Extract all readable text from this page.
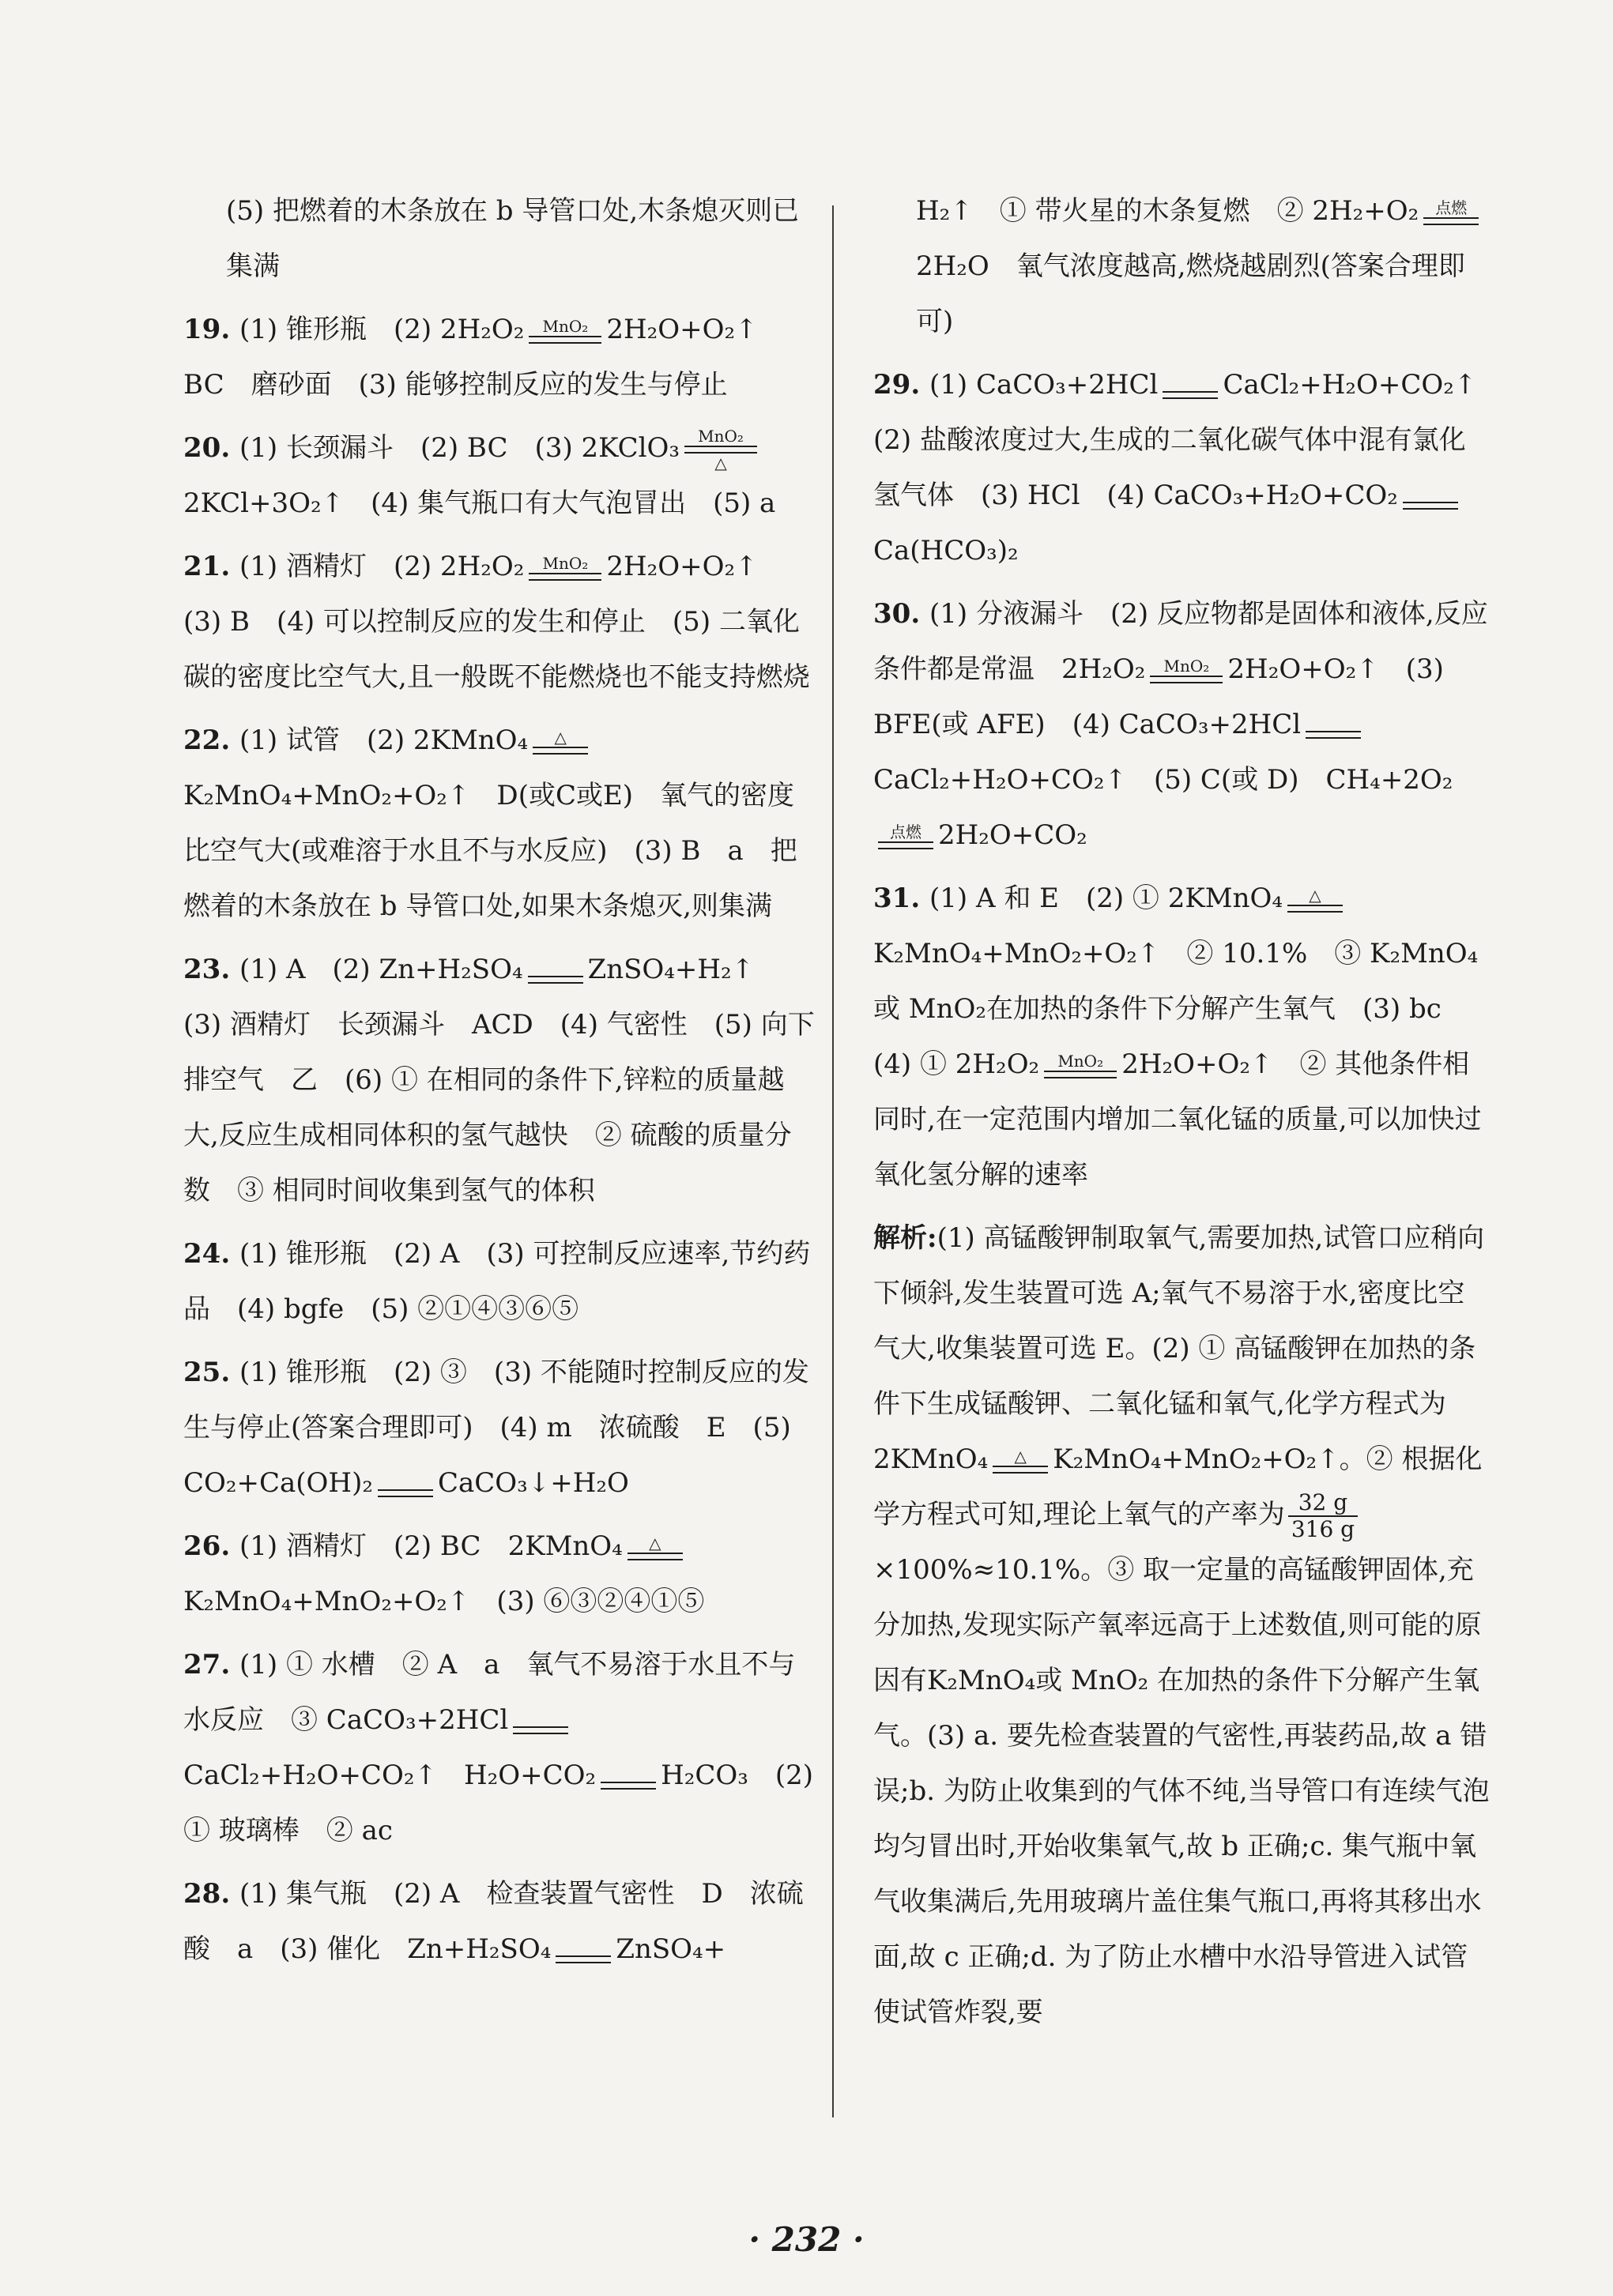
(5) 把燃着的木条放在 b 导管口处,木条熄灭则已集满
19. (1) 锥形瓶　(2) 2H₂O₂	MnO₂ 2H₂O+O₂↑　BC　磨砂面　(3) 能够控制反应的发生与停止
20. (1) 长颈漏斗　(2) BC　(3) 2KClO₃	MnO₂
△
2KCl+3O₂↑　(4) 集气瓶口有大气泡冒出　(5) a
21. (1) 酒精灯　(2) 2H₂O₂	MnO₂ 2H₂O+O₂↑　(3) B　(4) 可以控制反应的发生和停止　(5) 二氧化碳的密度比空气大,且一般既不能燃烧也不能支持燃烧
22. (1) 试管　(2) 2KMnO₄	△
K₂MnO₄+MnO₂+O₂↑　D(或C或E)　氧气的密度比空气大(或难溶于水且不与水反应)　(3) B　a　把燃着的木条放在 b 导管口处,如果木条熄灭,则集满
23. (1) A　(2) Zn+H₂SO₄
ZnSO₄+H₂↑　(3) 酒精灯　长颈漏斗　ACD　(4) 气密性　(5) 向下排空气　乙　(6) ① 在相同的条件下,锌粒的质量越大,反应生成相同体积的氢气越快　② 硫酸的质量分数　③ 相同时间收集到氢气的体积
24. (1) 锥形瓶　(2) A　(3) 可控制反应速率,节约药品　(4) bgfe　(5) ②①④③⑥⑤
25. (1) 锥形瓶　(2) ③　(3) 不能随时控制反应的发生与停止(答案合理即可)　(4) m　浓硫酸　E　(5) CO₂+Ca(OH)₂
CaCO₃↓+H₂O
26. (1) 酒精灯　(2) BC　2KMnO₄	△
K₂MnO₄+MnO₂+O₂↑　(3) ⑥③②④①⑤
27. (1) ① 水槽　② A　a　氧气不易溶于水且不与水反应　③ CaCO₃+2HCl

CaCl₂+H₂O+CO₂↑　H₂O+CO₂
H₂CO₃　(2) ① 玻璃棒　② ac
28. (1) 集气瓶　(2) A　检查装置气密性　D　浓硫酸　a　(3) 催化　Zn+H₂SO₄
ZnSO₄+
H₂↑　① 带火星的木条复燃　② 2H₂+O₂	点燃
2H₂O　氧气浓度越高,燃烧越剧烈(答案合理即可)
29. (1) CaCO₃+2HCl
CaCl₂+H₂O+CO₂↑　(2) 盐酸浓度过大,生成的二氧化碳气体中混有氯化氢气体　(3) HCl　(4) CaCO₃+H₂O+CO₂

Ca(HCO₃)₂
30. (1) 分液漏斗　(2) 反应物都是固体和液体,反应条件都是常温　2H₂O₂	MnO₂ 2H₂O+O₂↑　(3) BFE(或 AFE)　(4) CaCO₃+2HCl

CaCl₂+H₂O+CO₂↑　(5) C(或 D)　CH₄+2O₂
点燃 2H₂O+CO₂
31. (1) A 和 E　(2) ① 2KMnO₄	△
K₂MnO₄+MnO₂+O₂↑　② 10.1%　③ K₂MnO₄ 或 MnO₂在加热的条件下分解产生氧气　(3) bc　(4) ① 2H₂O₂	MnO₂ 2H₂O+O₂↑　② 其他条件相同时,在一定范围内增加二氧化锰的质量,可以加快过氧化氢分解的速率
解析:(1) 高锰酸钾制取氧气,需要加热,试管口应稍向下倾斜,发生装置可选 A;氧气不易溶于水,密度比空气大,收集装置可选 E。(2) ① 高锰酸钾在加热的条件下生成锰酸钾、二氧化锰和氧气,化学方程式为 2KMnO₄	△ K₂MnO₄+MnO₂+O₂↑。② 根据化学方程式可知,理论上氧气的产率为 $\frac{32 g}{316 g}$
×100%≈10.1%。③ 取一定量的高锰酸钾固体,充分加热,发现实际产氧率远高于上述数值,则可能的原因有K₂MnO₄或 MnO₂ 在加热的条件下分解产生氧气。(3) a. 要先检查装置的气密性,再装药品,故 a 错误;b. 为防止收集到的气体不纯,当导管口有连续气泡均匀冒出时,开始收集氧气,故 b 正确;c. 集气瓶中氧气收集满后,先用玻璃片盖住集气瓶口,再将其移出水面,故 c 正确;d. 为了防止水槽中水沿导管进入试管使试管炸裂,要
· 232 ·
